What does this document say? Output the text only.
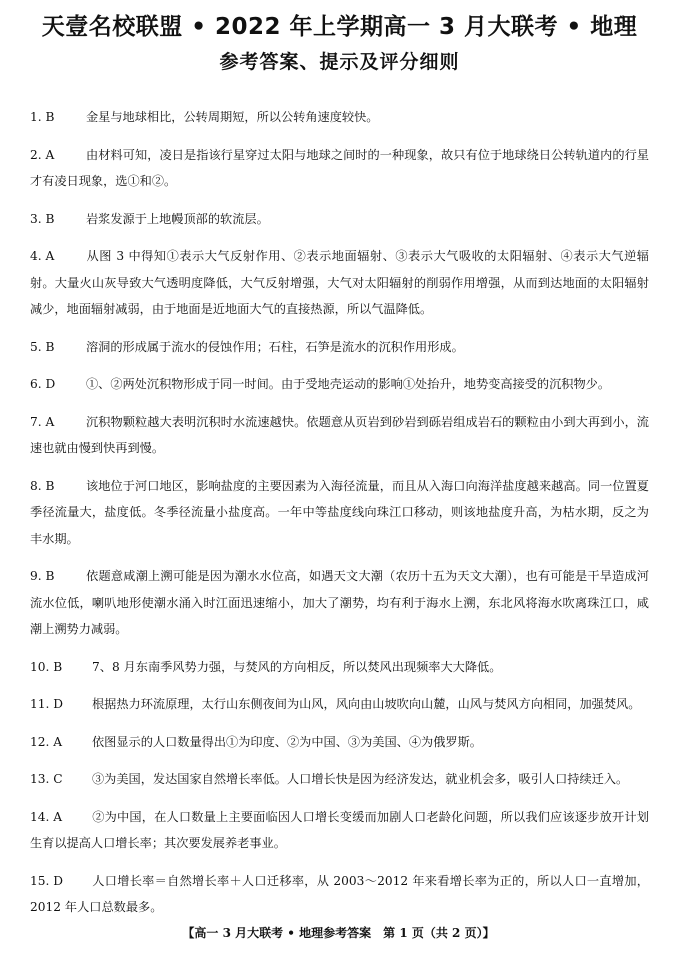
天壹名校联盟 • 2022 年上学期高一 3 月大联考 • 地理
参考答案、提示及评分细则
1. B	金星与地球相比，公转周期短，所以公转角速度较快。
2. A	由材料可知，凌日是指该行星穿过太阳与地球之间时的一种现象，故只有位于地球绕日公转轨道内的行星才有凌日现象，选①和②。
3. B	岩浆发源于上地幔顶部的软流层。
4. A	从图 3 中得知①表示大气反射作用、②表示地面辐射、③表示大气吸收的太阳辐射、④表示大气逆辐射。大量火山灰导致大气透明度降低，大气反射增强，大气对太阳辐射的削弱作用增强，从而到达地面的太阳辐射减少，地面辐射减弱，由于地面是近地面大气的直接热源，所以气温降低。
5. B	溶洞的形成属于流水的侵蚀作用；石柱，石笋是流水的沉积作用形成。
6. D	①、②两处沉积物形成于同一时间。由于受地壳运动的影响①处抬升，地势变高接受的沉积物少。
7. A	沉积物颗粒越大表明沉积时水流速越快。依题意从页岩到砂岩到砾岩组成岩石的颗粒由小到大再到小，流速也就由慢到快再到慢。
8. B	该地位于河口地区，影响盐度的主要因素为入海径流量，而且从入海口向海洋盐度越来越高。同一位置夏季径流量大，盐度低。冬季径流量小盐度高。一年中等盐度线向珠江口移动，则该地盐度升高，为枯水期，反之为丰水期。
9. B	依题意咸潮上溯可能是因为潮水水位高，如遇天文大潮（农历十五为天文大潮），也有可能是干旱造成河流水位低，喇叭地形使潮水涌入时江面迅速缩小，加大了潮势，均有利于海水上溯，东北风将海水吹离珠江口，咸潮上溯势力减弱。
10. B 7、8 月东南季风势力强，与焚风的方向相反，所以焚风出现频率大大降低。
11. D 根据热力环流原理，太行山东侧夜间为山风，风向由山坡吹向山麓，山风与焚风方向相同，加强焚风。
12. A 依图显示的人口数量得出①为印度、②为中国、③为美国、④为俄罗斯。
13. C ③为美国，发达国家自然增长率低。人口增长快是因为经济发达，就业机会多，吸引人口持续迁入。
14. A ②为中国，在人口数量上主要面临因人口增长变缓而加剧人口老龄化问题，所以我们应该逐步放开计划生育以提高人口增长率；其次要发展养老事业。
15. D 人口增长率＝自然增长率＋人口迁移率，从 2003～2012 年来看增长率为正的，所以人口一直增加，2012 年人口总数最多。
【高一 3 月大联考 • 地理参考答案　第 1 页（共 2 页）】
